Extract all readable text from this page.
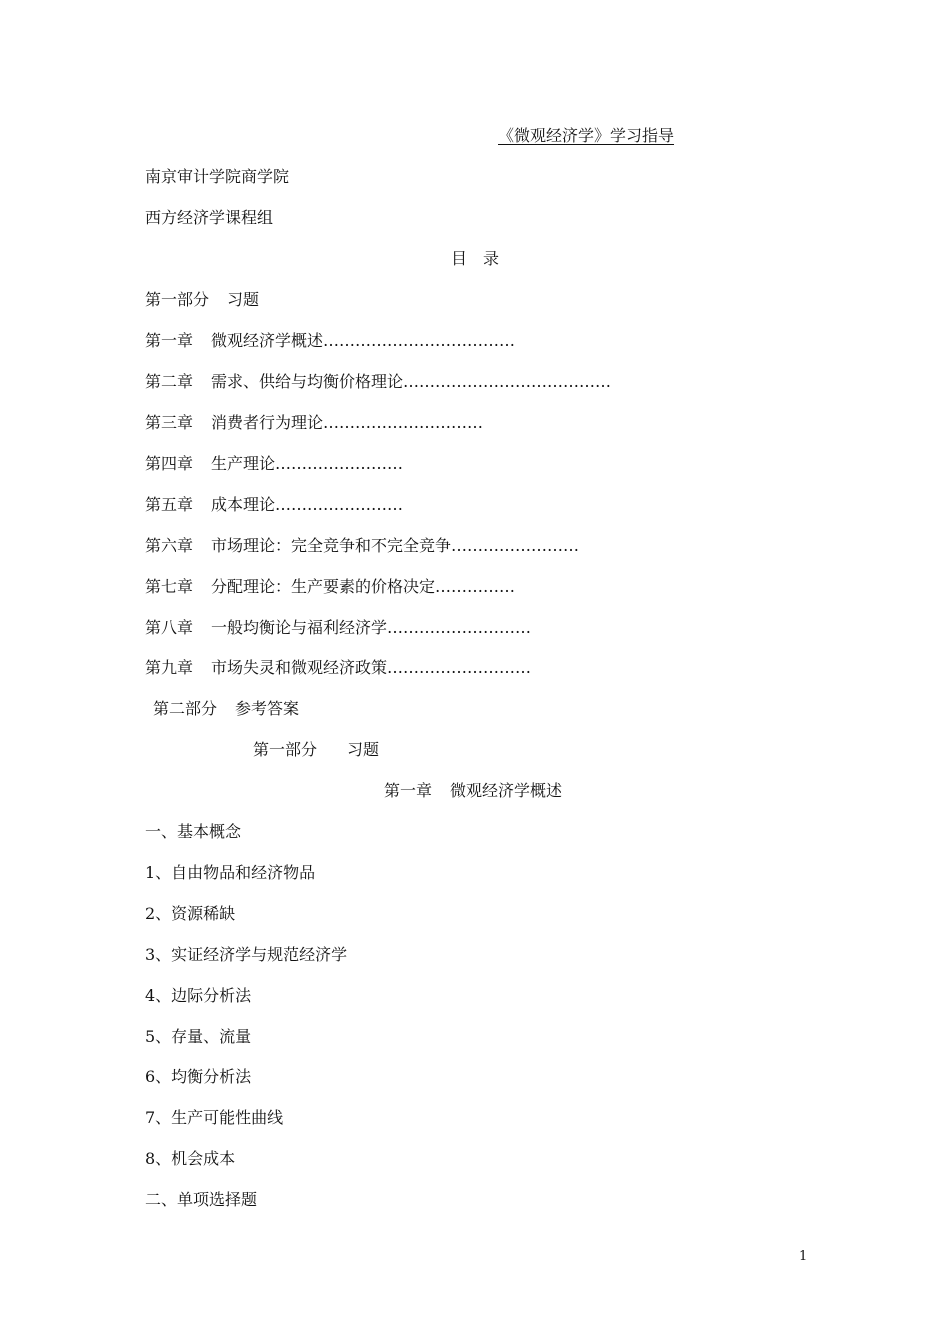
《微观经济学》学习指导
南京审计学院商学院
西方经济学课程组
目　录
第一部分 习题
第一章 微观经济学概述………………………………
第二章 需求、供给与均衡价格理论…………………………………
第三章 消费者行为理论…………………………
第四章 生产理论……………………
第五章 成本理论……………………
第六章 市场理论：完全竞争和不完全竞争……………………
第七章 分配理论：生产要素的价格决定……………
第八章 一般均衡论与福利经济学………………………
第九章 市场失灵和微观经济政策………………………
第二部分 参考答案
第一部分 习题
第一章 微观经济学概述
一、基本概念
1、自由物品和经济物品
2、资源稀缺
3、实证经济学与规范经济学
4、边际分析法
5、存量、流量
6、均衡分析法
7、生产可能性曲线
8、机会成本
二、单项选择题
1
